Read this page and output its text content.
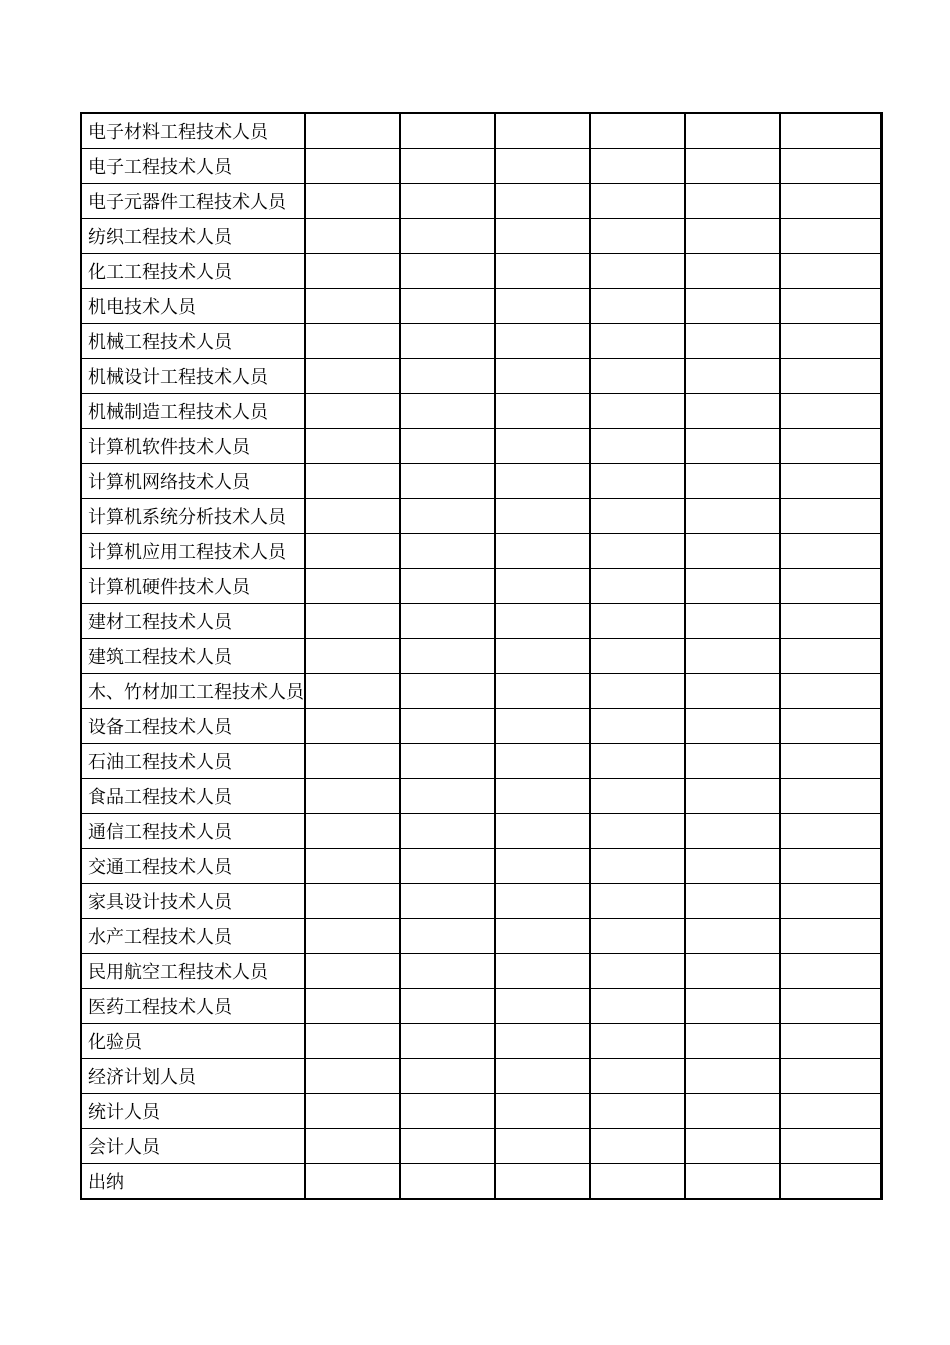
电子材料工程技术人员						
电子工程技术人员						
电子元器件工程技术人员						
纺织工程技术人员						
化工工程技术人员						
机电技术人员						
机械工程技术人员						
机械设计工程技术人员						
机械制造工程技术人员						
计算机软件技术人员						
计算机网络技术人员						
计算机系统分析技术人员						
计算机应用工程技术人员						
计算机硬件技术人员						
建材工程技术人员						
建筑工程技术人员						
木、竹材加工工程技术人员						
设备工程技术人员						
石油工程技术人员						
食品工程技术人员						
通信工程技术人员						
交通工程技术人员						
家具设计技术人员						
水产工程技术人员						
民用航空工程技术人员						
医药工程技术人员						
化验员						
经济计划人员						
统计人员						
会计人员						
出纳						
